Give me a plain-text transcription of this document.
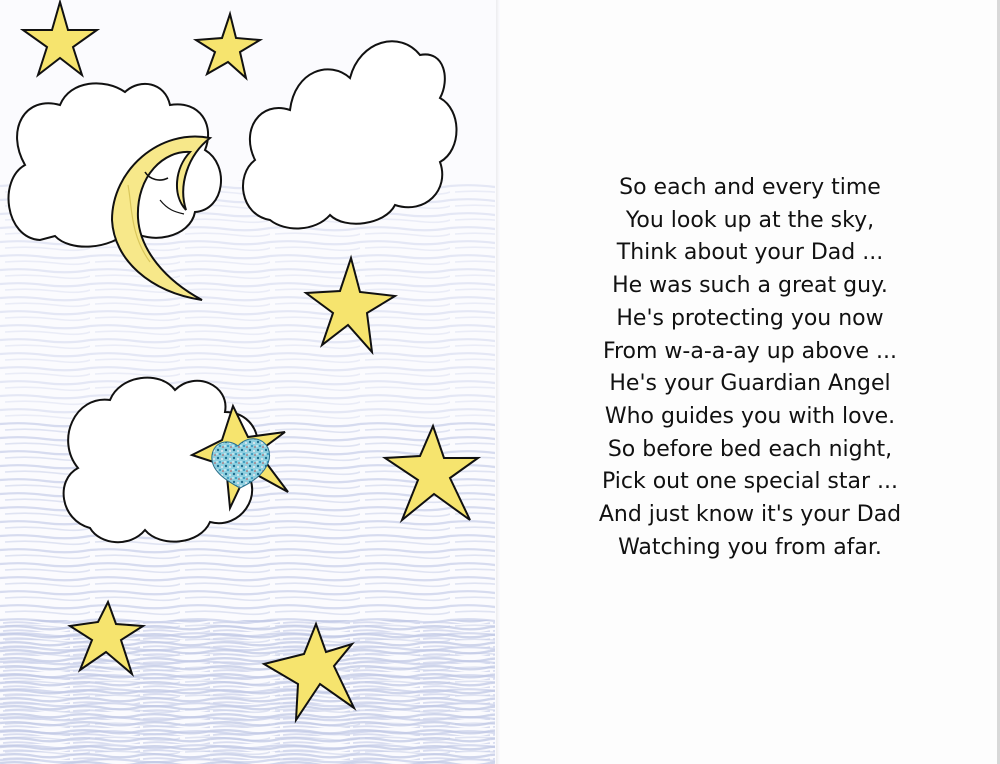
So each and every time
You look up at the sky,
Think about your Dad ...
He was such a great guy.
He's protecting you now
From w-a-a-ay up above ...
He's your Guardian Angel
Who guides you with love.
So before bed each night,
Pick out one special star ...
And just know it's your Dad
Watching you from afar.
